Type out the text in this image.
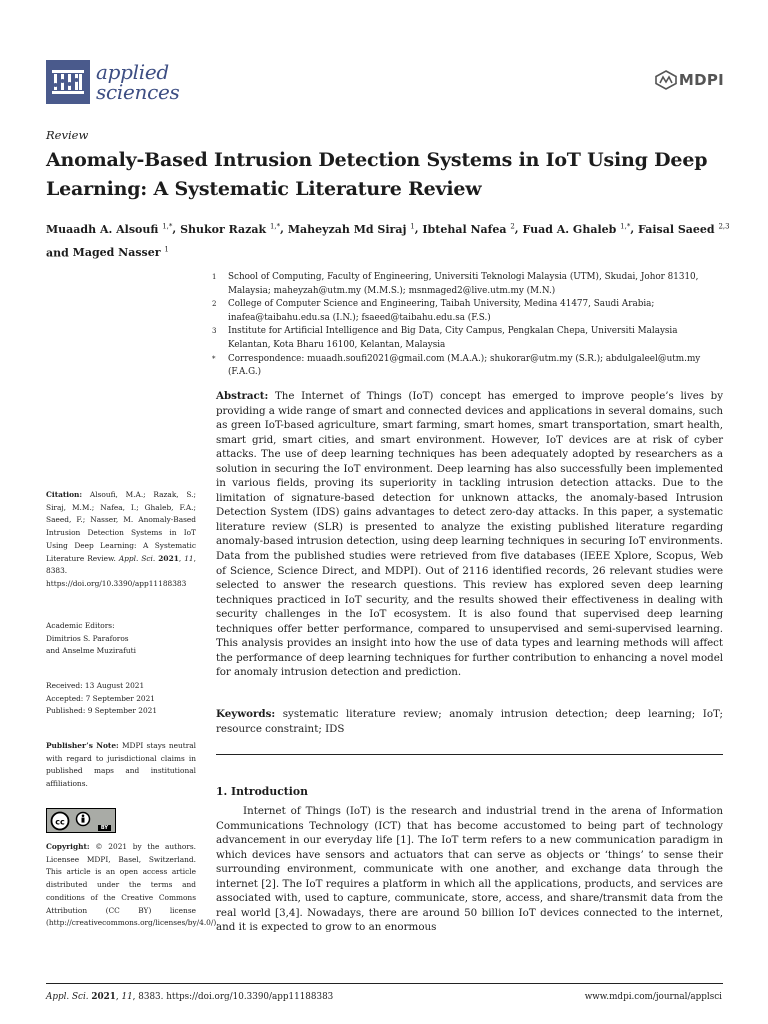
applied
sciences	MDPI
Review
Anomaly-Based Intrusion Detection Systems in IoT Using Deep Learning: A Systematic Literature Review
Muaadh A. Alsoufi $^{1,*}$, Shukor Razak $^{1,*}$, Maheyzah Md Siraj $^1$, Ibtehal Nafea $^2$, Fuad A. Ghaleb $^{1,*}$, Faisal Saeed $^{2,3}$ and Maged Nasser $^1$
1	School of Computing, Faculty of Engineering, Universiti Teknologi Malaysia (UTM), Skudai, Johor 81310, Malaysia; maheyzah@utm.my (M.M.S.); msnmaged2@live.utm.my (M.N.)
2	College of Computer Science and Engineering, Taibah University, Medina 41477, Saudi Arabia; inafea@taibahu.edu.sa (I.N.); fsaeed@taibahu.edu.sa (F.S.)
3	Institute for Artificial Intelligence and Big Data, City Campus, Pengkalan Chepa, Universiti Malaysia Kelantan, Kota Bharu 16100, Kelantan, Malaysia
*	Correspondence: muaadh.soufi2021@gmail.com (M.A.A.); shukorar@utm.my (S.R.); abdulgaleel@utm.my (F.A.G.)
Abstract: The Internet of Things (IoT) concept has emerged to improve people’s lives by providing a wide range of smart and connected devices and applications in several domains, such as green IoT-based agriculture, smart farming, smart homes, smart transportation, smart health, smart grid, smart cities, and smart environment. However, IoT devices are at risk of cyber attacks. The use of deep learning techniques has been adequately adopted by researchers as a solution in securing the IoT environment. Deep learning has also successfully been implemented in various fields, proving its superiority in tackling intrusion detection attacks. Due to the limitation of signature-based detection for unknown attacks, the anomaly-based Intrusion Detection System (IDS) gains advantages to detect zero-day attacks. In this paper, a systematic literature review (SLR) is presented to analyze the existing published literature regarding anomaly-based intrusion detection, using deep learning techniques in securing IoT environments. Data from the published studies were retrieved from five databases (IEEE Xplore, Scopus, Web of Science, Science Direct, and MDPI). Out of 2116 identified records, 26 relevant studies were selected to answer the research questions. This review has explored seven deep learning techniques practiced in IoT security, and the results showed their effectiveness in dealing with security challenges in the IoT ecosystem. It is also found that supervised deep learning techniques offer better performance, compared to unsupervised and semi-supervised learning. This analysis provides an insight into how the use of data types and learning methods will affect the performance of deep learning techniques for further contribution to enhancing a novel model for anomaly intrusion detection and prediction.
Keywords: systematic literature review; anomaly intrusion detection; deep learning; IoT; resource constraint; IDS
1. Introduction
Internet of Things (IoT) is the research and industrial trend in the arena of Information Communications Technology (ICT) that has become accustomed to being part of technology advancement in our everyday life [1]. The IoT term refers to a new communication paradigm in which devices have sensors and actuators that can serve as objects or ‘things’ to sense their surrounding environment, communicate with one another, and exchange data through the internet [2]. The IoT requires a platform in which all the applications, products, and services are associated with, used to capture, communicate, store, access, and share/transmit data from the real world [3,4]. Nowadays, there are around 50 billion IoT devices connected to the internet, and it is expected to grow to an enormous
Citation: Alsoufi, M.A.; Razak, S.; Siraj, M.M.; Nafea, I.; Ghaleb, F.A.; Saeed, F.; Nasser, M. Anomaly-Based Intrusion Detection Systems in IoT Using Deep Learning: A Systematic Literature Review. Appl. Sci. 2021, 11, 8383. https://doi.org/10.3390/app11188383
Academic Editors:
Dimitrios S. Paraforos
and Anselme Muzirafuti
Received: 13 August 2021
Accepted: 7 September 2021
Published: 9 September 2021
Publisher’s Note: MDPI stays neutral with regard to jurisdictional claims in published maps and institutional affiliations.
cc
BY
Copyright: © 2021 by the authors. Licensee MDPI, Basel, Switzerland. This article is an open access article distributed under the terms and conditions of the Creative Commons Attribution (CC BY) license (http://creativecommons.org/licenses/by/4.0/).
Appl. Sci. 2021, 11, 8383. https://doi.org/10.3390/app11188383	www.mdpi.com/journal/applsci
